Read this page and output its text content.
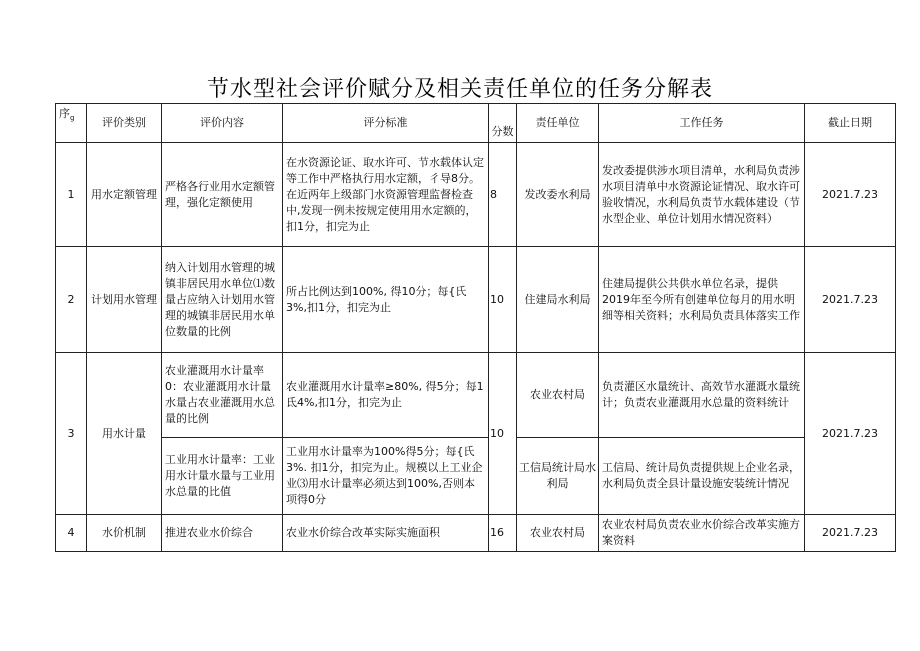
节水型社会评价赋分及相关责任单位的任务分解表
序$_g$	评价类别	评价内容	评分标准	分数	责任单位	工作任务	截止日期
1	用水定额管理	严格各行业用水定额管理，强化定额使用	在水资源论证、取水许可、节水载体认定等工作中严格执行用水定额，彳导8分。在近两年上级部门水资源管理监督检查中,发现一例未按规定使用用水定额的，扣1分，扣完为止	8	发改委水利局	发改委提供涉水项目清单，水利局负责涉水项目清单中水资源论证情况、取水许可验收情况，水利局负责节水载体建设（节水型企业、单位计划用水情况资料）	2021.7.23
2	计划用水管理	纳入计划用水管理的城镇非居民用水单位⑴数量占应纳入计划用水管理的城镇非居民用水单位数量的比例	所占比例达到100%, 得10分；每{氏3%,扣1分，扣完为止	10	住建局水利局	住建局提供公共供水单位名录，提供2019年至今所有创建单位每月的用水明细等相关资料；水利局负责具体落实工作	2021.7.23
3	用水计量	农业灌溉用水计量率0：农业灌溉用水计量水量占农业灌溉用水总量的比例	农业灌溉用水计量率≥80%, 得5分；每1氐4%,扣1分，扣完为止	10	农业农村局	负责灌区水量统计、高效节水灌溉水量统计；负责农业灌溉用水总量的资料统计	2021.7.23
		工业用水计量率：工业用水计量水量与工业用水总量的比值	工业用水计量率为100%得5分；每{氏3%. 扣1分，扣完为止。规模以上工业企业⑶用水计量率必须达到100%,否则本项得0分		工信局统计局水利局	工信局、统计局负责提供规上企业名录，水利局负责全县计量设施安装统计情况	
4	水价机制	推进农业水价综合	农业水价综合改革实际实施面积	16	农业农村局	农业农村局负责农业水价综合改革实施方案资料	2021.7.23
